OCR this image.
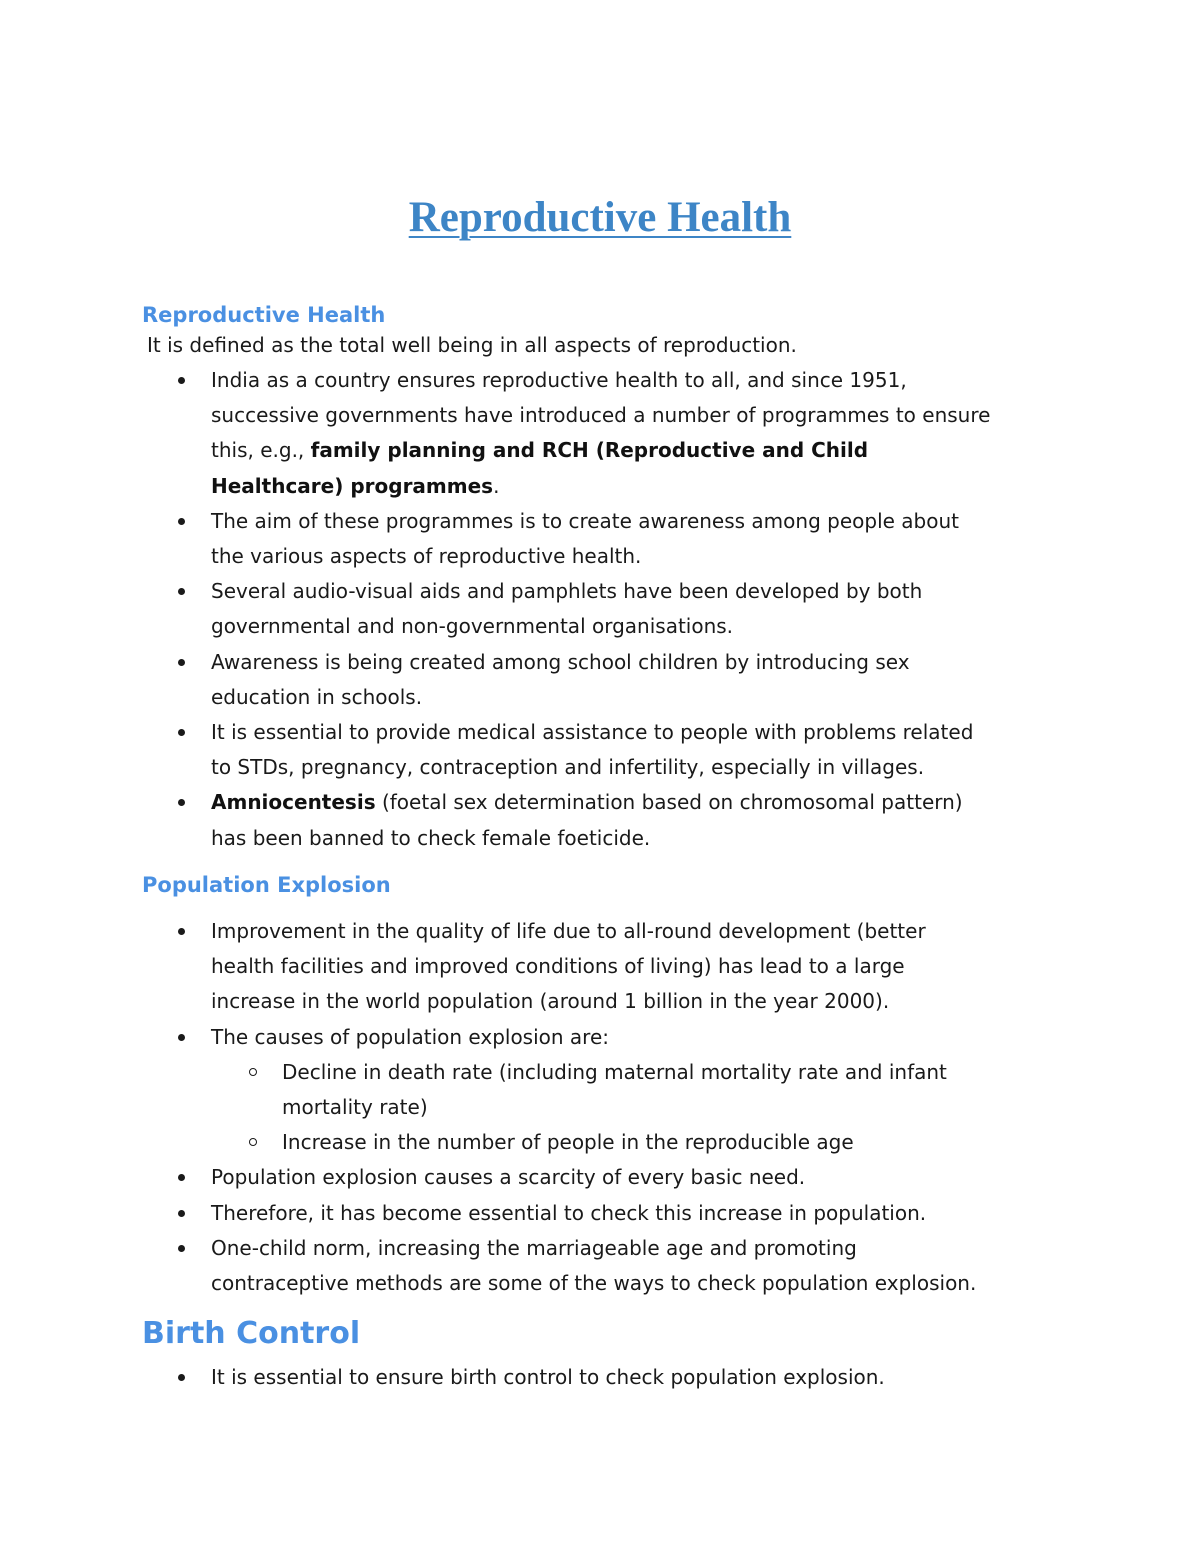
Reproductive Health
Reproductive Health

It is defined as the total well being in all aspects of reproduction.

India as a country ensures reproductive health to all, and since 1951,
successive governments have introduced a number of programmes to ensure
this, e.g., family planning and RCH (Reproductive and Child
Healthcare) programmes.
The aim of these programmes is to create awareness among people about
the various aspects of reproductive health.
Several audio-visual aids and pamphlets have been developed by both
governmental and non-governmental organisations.
Awareness is being created among school children by introducing sex
education in schools.
It is essential to provide medical assistance to people with problems related
to STDs, pregnancy, contraception and infertility, especially in villages.
Amniocentesis (foetal sex determination based on chromosomal pattern)
has been banned to check female foeticide.
Population Explosion
Improvement in the quality of life due to all-round development (better
health facilities and improved conditions of living) has lead to a large
increase in the world population (around 1 billion in the year 2000).
The causes of population explosion are:
Decline in death rate (including maternal mortality rate and infant
mortality rate)
Increase in the number of people in the reproducible age
Population explosion causes a scarcity of every basic need.
Therefore, it has become essential to check this increase in population.
One-child norm, increasing the marriageable age and promoting
contraceptive methods are some of the ways to check population explosion.
Birth Control
It is essential to ensure birth control to check population explosion.
